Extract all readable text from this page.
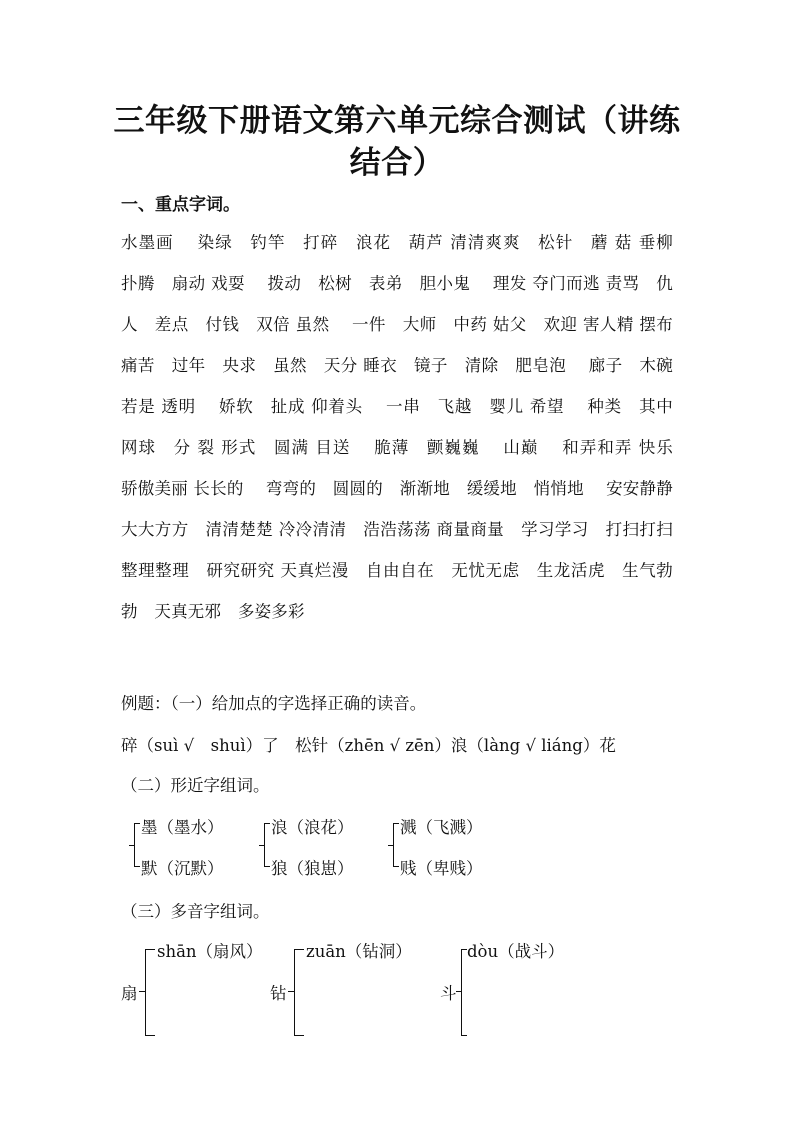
三年级下册语文第六单元综合测试（讲练结合）
一、重点字词。
水墨画　 染绿　钓竿　打碎　浪花　葫芦 清清爽爽　松针　蘑 菇 垂柳　扑腾　扇动 戏耍　 拨动　松树　表弟　胆小鬼　 理发 夺门而逃 责骂　仇人　差点　付钱　双倍 虽然　 一件　大师　中药 姑父　欢迎 害人精 摆布　痛苦　过年　央求　虽然　天分 睡衣　镜子　清除　肥皂泡　 廊子　木碗　若是 透明　 娇软　扯成 仰着头　 一串　飞越　婴儿 希望　 种类　其中　网球　分 裂 形式　圆满 目送　 脆薄　颤巍巍　 山巅　 和弄和弄 快乐　骄傲美丽 长长的　 弯弯的　圆圆的　渐渐地　缓缓地　悄悄地　 安安静静 大大方方　清清楚楚 冷冷清清　浩浩荡荡 商量商量　学习学习　打扫打扫 整理整理　研究研究 天真烂漫　自由自在　无忧无虑　生龙活虎　生气勃勃　天真无邪　多姿多彩
例题：（一）给加点的字选择正确的读音。
碎（suì √　shuì）了　松针（zhēn √ zēn）浪（làng √ liáng）花
（二）形近字组词。
墨（墨水）
默（沉默）
浪（浪花）
狼（狼崽）
溅（飞溅）
贱（卑贱）
（三）多音字组词。
扇
shān（扇风）
钻
zuān（钻洞）
斗
dòu（战斗）
